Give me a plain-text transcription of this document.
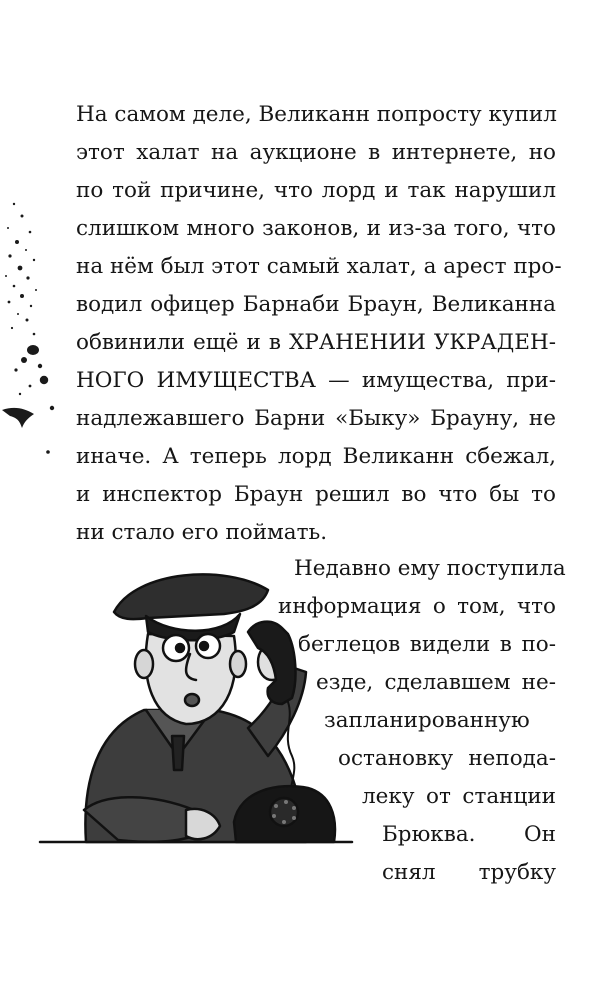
На самом деле, Великанн попросту купил
этот халат на аукционе в интернете, но
по той причине, что лорд и так нарушил
слишком много законов, и из-за того, что
на нём был этот самый халат, а арест про-
водил офицер Барнаби Браун, Великанна
обвинили ещё и в ХРАНЕНИИ УКРАДЕН-
НОГО ИМУЩЕСТВА — имущества, при-
надлежавшего Барни «Быку» Брауну, не
иначе. А теперь лорд Великанн сбежал,
и инспектор Браун решил во что бы то
ни стало его поймать.
Недавно ему поступила
информация о том, что
беглецов видели в по-
езде, сделавшем не-
запланированную
остановку непода-
леку от станции
Брюква. Он
снял трубку
